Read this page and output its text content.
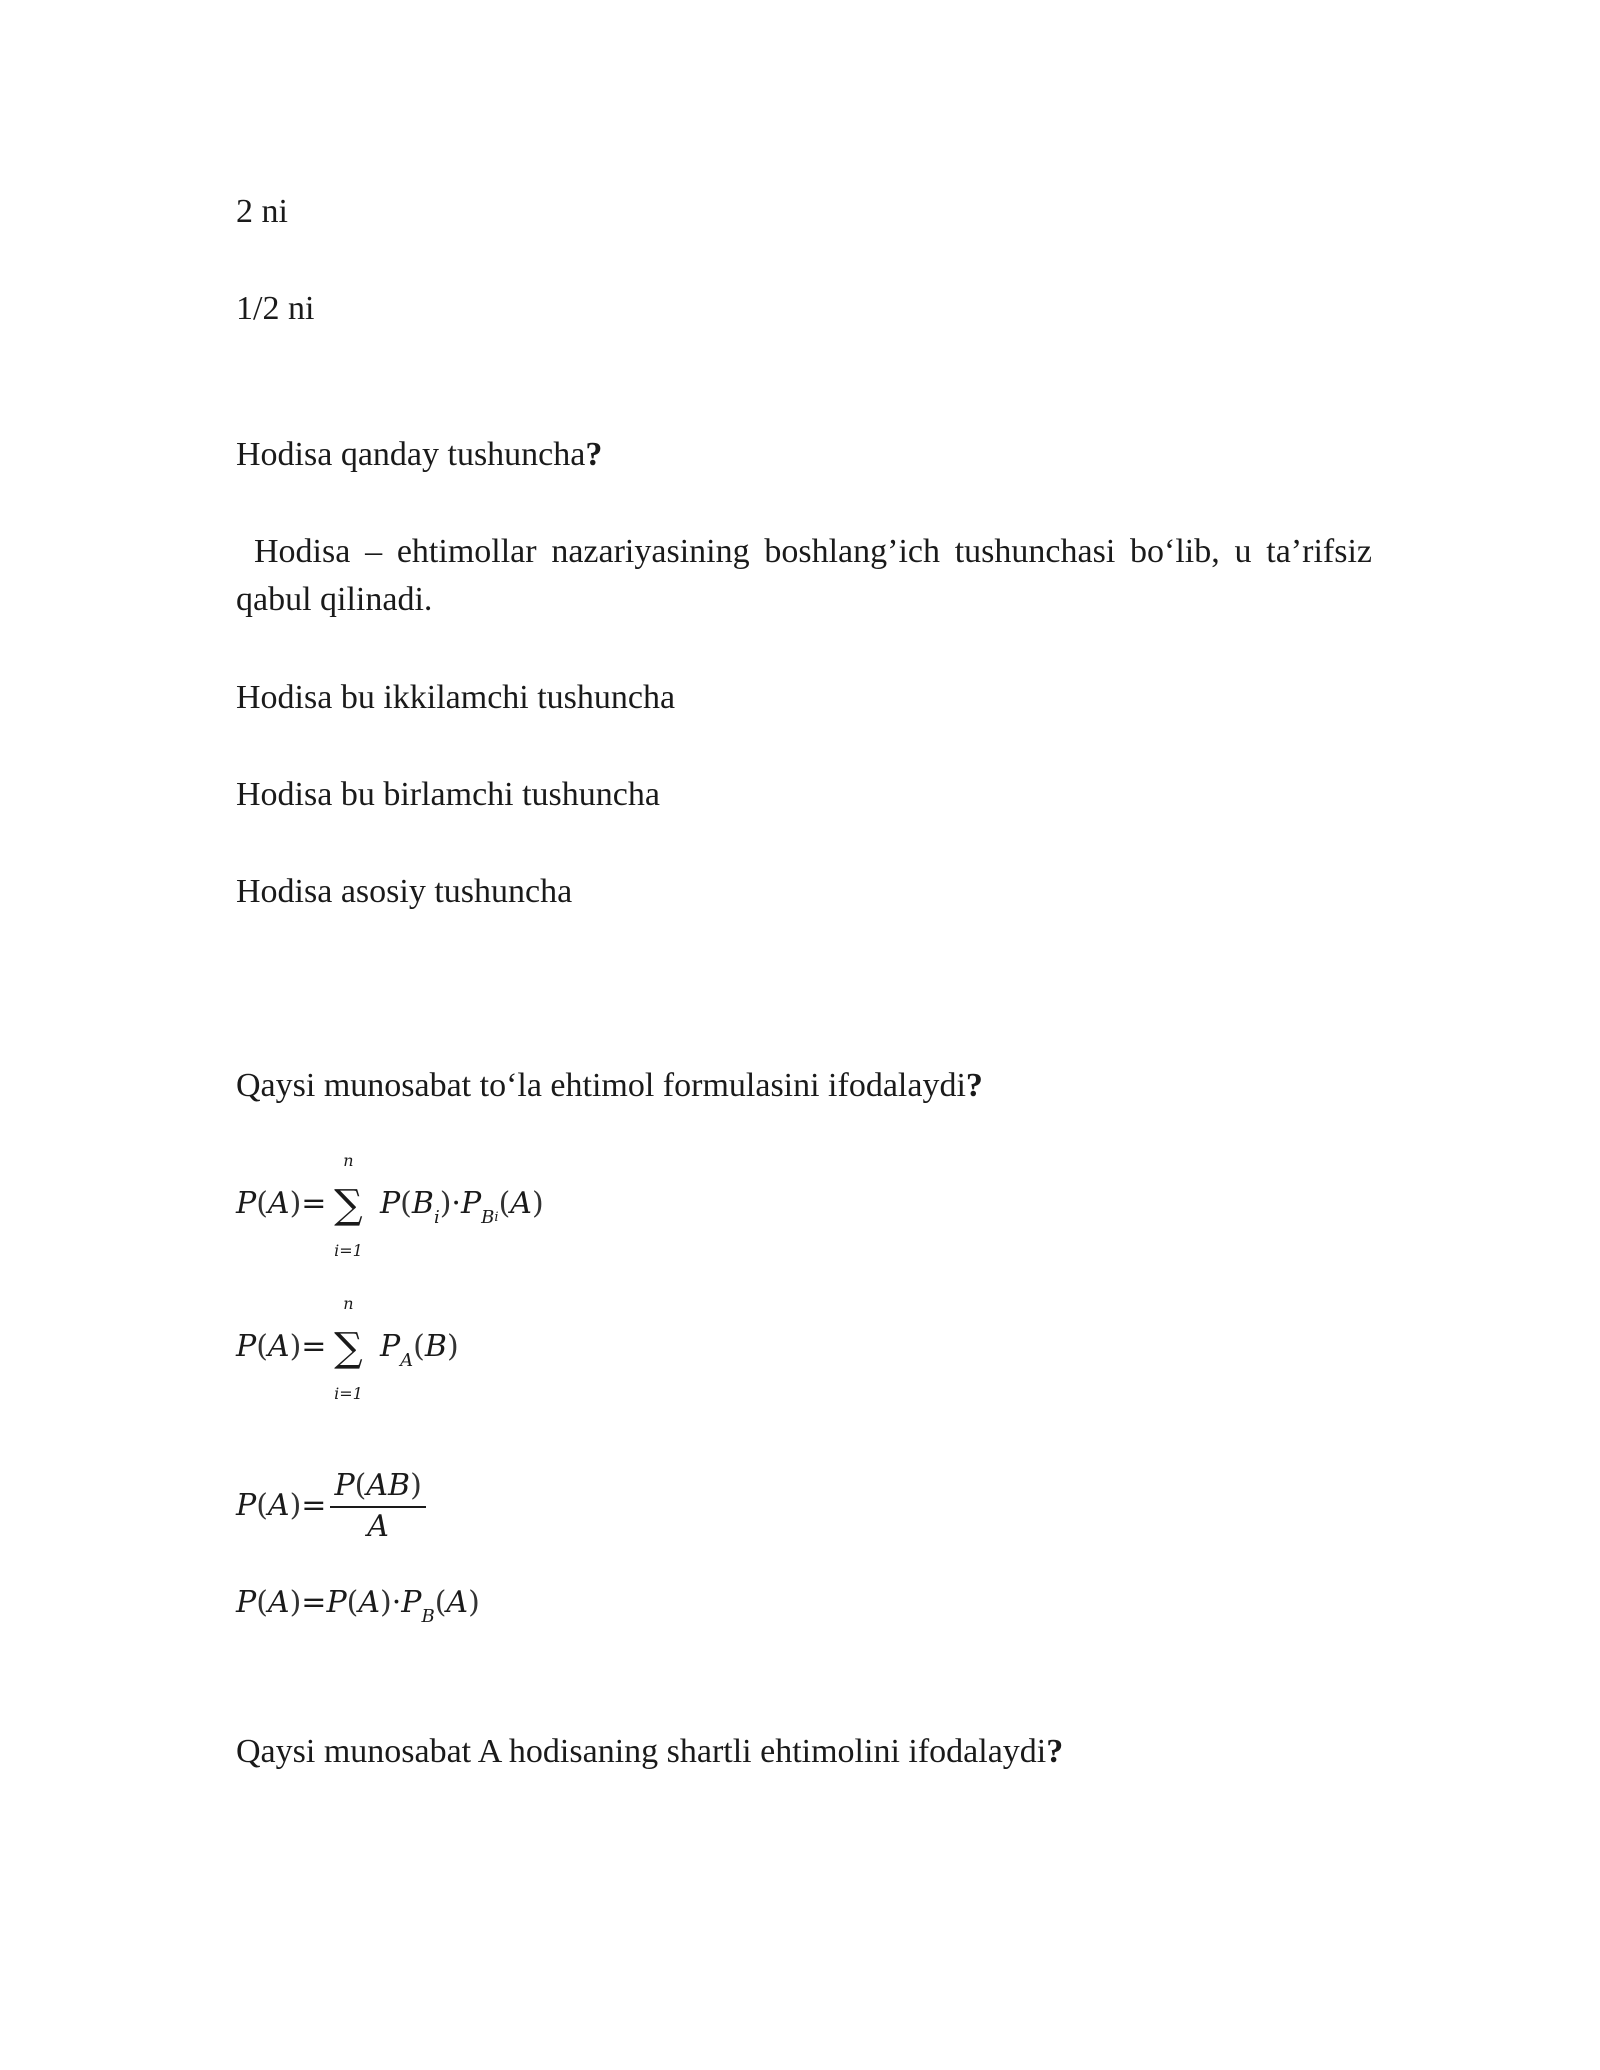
2 ni
1/2 ni
Hodisa qanday tushuncha?
Hodisa – ehtimollar nazariyasining boshlang’ich tushunchasi bo‘lib, u ta’rifsiz qabul qilinadi.
Hodisa bu ikkilamchi tushuncha
Hodisa bu birlamchi tushuncha
Hodisa asosiy tushuncha
Qaysi munosabat to‘la ehtimol formulasini ifodalaydi?
P(A)=
n
∑
i=1
$P(B_i)\cdot P_{Bi}(A)$
P(A)=
n
∑
i=1
$P_A(B)$
$P(A)= \frac{P(AB)}{A}$
$P(A)=P(A)\cdot P_B(A)$
Qaysi munosabat A hodisaning shartli ehtimolini ifodalaydi?
